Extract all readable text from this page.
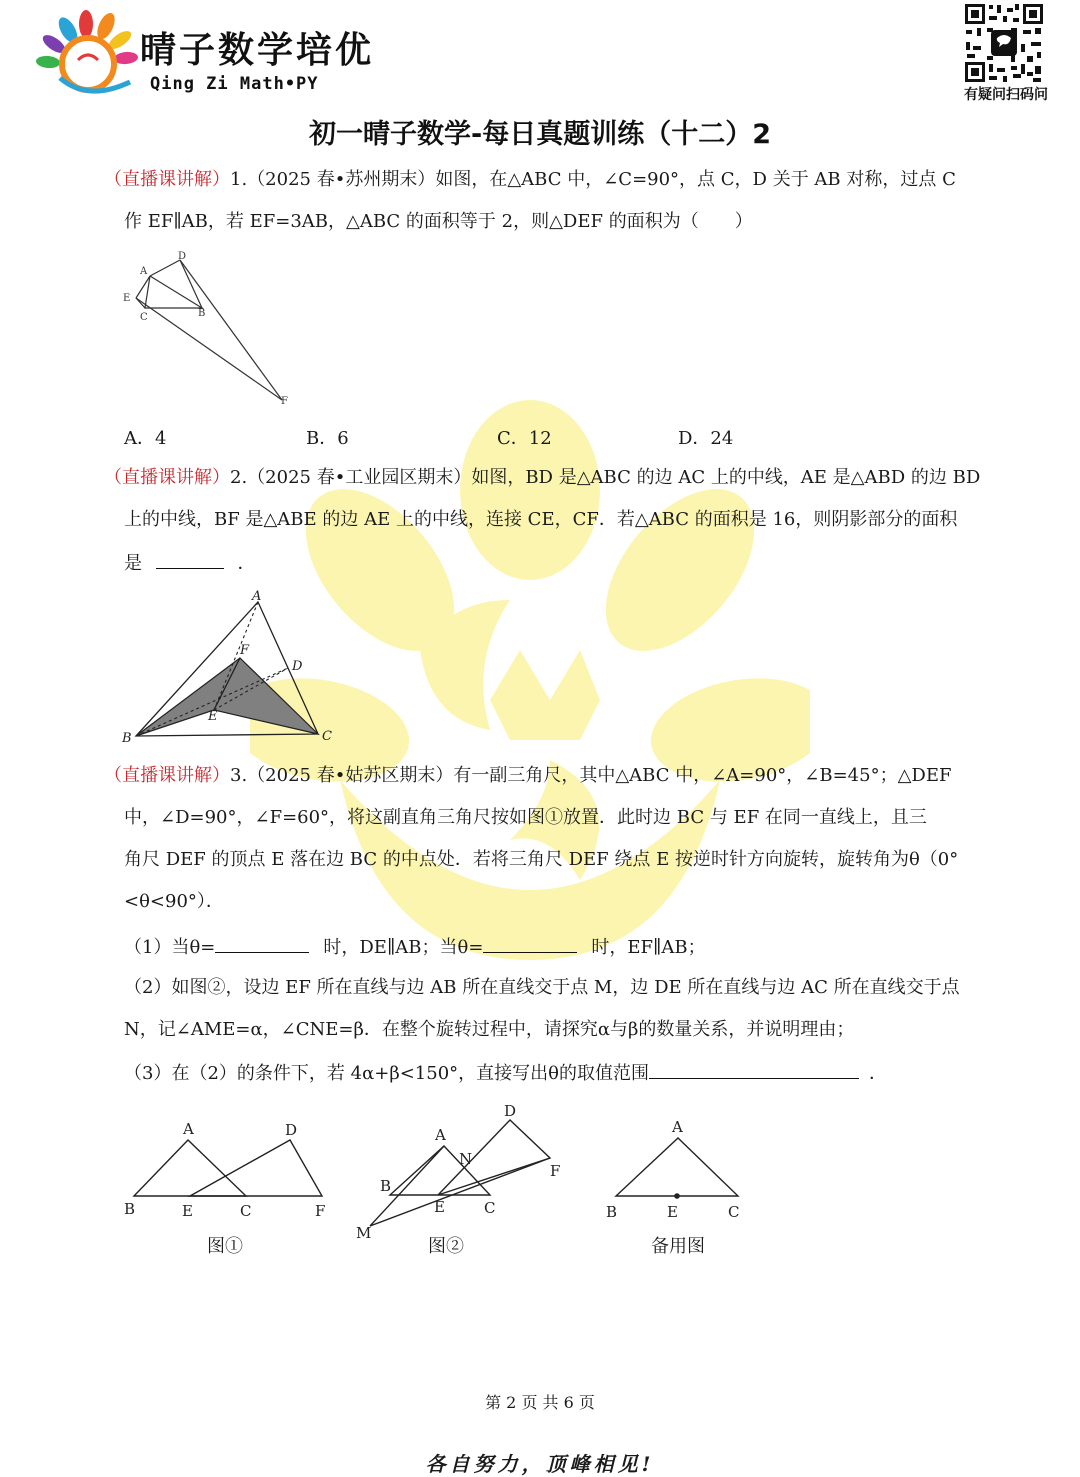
晴子数学培优
Qing Zi Math•PY
有疑问扫码问
初一晴子数学-每日真题训练（十二）2
（直播课讲解）1.（2025 春•苏州期末）如图，在△ABC 中，∠C=90°，点 C，D 关于 AB 对称，过点 C
作 EF∥AB，若 EF=3AB，△ABC 的面积等于 2，则△DEF 的面积为（　　）
A
D
E
C	B
F
A．4	B．6	C．12	D．24
（直播课讲解）2.（2025 春•工业园区期末）如图，BD 是△ABC 的边 AC 上的中线，AE 是△ABD 的边 BD
上的中线，BF 是△ABE 的边 AE 上的中线，连接 CE，CF．若△ABC 的面积是 16，则阴影部分的面积
是	．
A
F
D
E
B	C
（直播课讲解）3.（2025 春•姑苏区期末）有一副三角尺，其中△ABC 中，∠A=90°，∠B=45°；△DEF
中，∠D=90°，∠F=60°，将这副直角三角尺按如图①放置．此时边 BC 与 EF 在同一直线上，且三
角尺 DEF 的顶点 E 落在边 BC 的中点处．若将三角尺 DEF 绕点 E 按逆时针方向旋转，旋转角为θ（0°
<θ<90°）．
（1）当θ=	时，DE∥AB；当θ=	时，EF∥AB；
（2）如图②，设边 EF 所在直线与边 AB 所在直线交于点 M，边 DE 所在直线与边 AC 所在直线交于点
N，记∠AME=α，∠CNE=β．在整个旋转过程中，请探究α与β的数量关系，并说明理由；
（3）在（2）的条件下，若 4α+β<150°，直接写出θ的取值范围	．
A	D
B	E	C	F
图①
D
A
N
F
B
E	C
M
图②
A
B	E	C
备用图
第 2 页 共 6 页
各自努力，顶峰相见!
